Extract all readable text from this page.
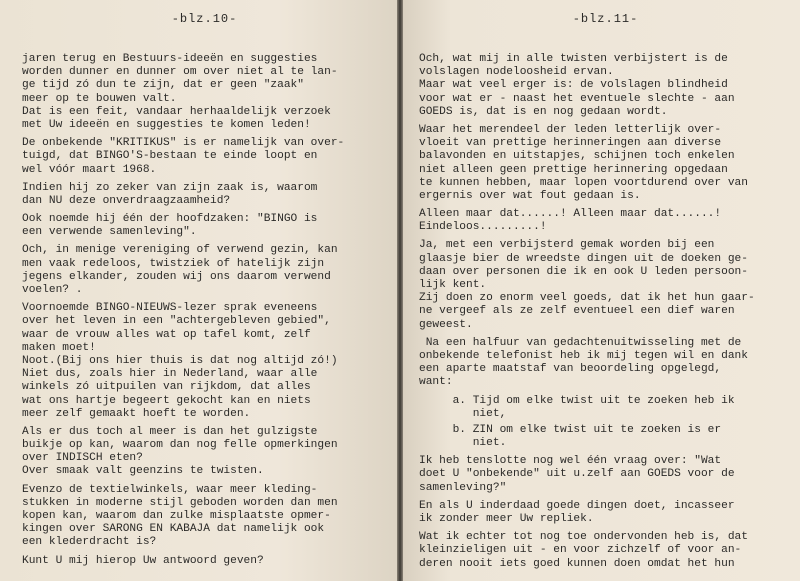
-blz.10-
jaren terug en Bestuurs-ideeën en suggesties
worden dunner en dunner om over niet al te lan-
ge tijd zó dun te zijn, dat er geen "zaak"
meer op te bouwen valt.
Dat is een feit, vandaar herhaaldelijk verzoek
met Uw ideeën en suggesties te komen leden!
De onbekende "KRITIKUS" is er namelijk van over-
tuigd, dat BINGO'S-bestaan te einde loopt en
wel vóór maart 1968.
Indien hij zo zeker van zijn zaak is, waarom
dan NU deze onverdraagzaamheid?
Ook noemde hij één der hoofdzaken: "BINGO is
een verwende samenleving".
Och, in menige vereniging of verwend gezin, kan
men vaak redeloos, twistziek of hatelijk zijn
jegens elkander, zouden wij ons daarom verwend
voelen? .
Voornoemde BINGO-NIEUWS-lezer sprak eveneens
over het leven in een "achtergebleven gebied",
waar de vrouw alles wat op tafel komt, zelf
maken moet!
Noot.(Bij ons hier thuis is dat nog altijd zó!)
Niet dus, zoals hier in Nederland, waar alle
winkels zó uitpuilen van rijkdom, dat alles
wat ons hartje begeert gekocht kan en niets
meer zelf gemaakt hoeft te worden.
Als er dus toch al meer is dan het gulzigste
buikje op kan, waarom dan nog felle opmerkingen
over INDISCH eten?
Over smaak valt geenzins te twisten.
Evenzo de textielwinkels, waar meer kleding-
stukken in moderne stijl geboden worden dan men
kopen kan, waarom dan zulke misplaatste opmer-
kingen over SARONG EN KABAJA dat namelijk ook
een klederdracht is?
Kunt U mij hierop Uw antwoord geven?
-blz.11-
Och, wat mij in alle twisten verbijstert is de
volslagen nodeloosheid ervan.
Maar wat veel erger is: de volslagen blindheid
voor wat er - naast het eventuele slechte - aan
GOEDS is, dat is en nog gedaan wordt.
Waar het merendeel der leden letterlijk over-
vloeit van prettige herinneringen aan diverse
balavonden en uitstapjes, schijnen toch enkelen
niet alleen geen prettige herinnering opgedaan
te kunnen hebben, maar lopen voortdurend over van
ergernis over wat fout gedaan is.
Alleen maar dat......! Alleen maar dat......!
Eindeloos.........!
Ja, met een verbijsterd gemak worden bij een
glaasje bier de wreedste dingen uit de doeken ge-
daan over personen die ik en ook U leden persoon-
lijk kent.
Zij doen zo enorm veel goeds, dat ik het hun gaar-
ne vergeef als ze zelf eventueel een dief waren
geweest.
Na een halfuur van gedachtenuitwisseling met de
onbekende telefonist heb ik mij tegen wil en dank
een aparte maatstaf van beoordeling opgelegd,
want:
a. Tijd om elke twist uit te zoeken heb ik
niet,
b. ZIN om elke twist uit te zoeken is er
niet.
Ik heb tenslotte nog wel één vraag over: "Wat
doet U "onbekende" uit u.zelf aan GOEDS voor de
samenleving?"
En als U inderdaad goede dingen doet, incasseer
ik zonder meer Uw repliek.
Wat ik echter tot nog toe ondervonden heb is, dat
kleinzieligen uit - en voor zichzelf of voor an-
deren nooit iets goed kunnen doen omdat het hun
